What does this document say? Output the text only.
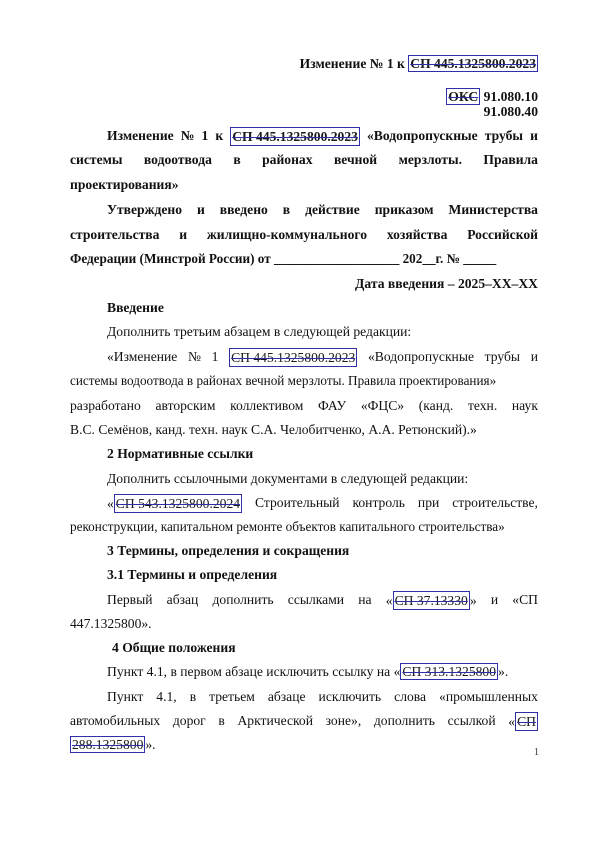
Изменение № 1 к СП 445.1325800.2023
ОКС 91.080.10
91.080.40
Изменение № 1 к СП 445.1325800.2023 «Водопропускные трубы и
системы водоотвода в районах вечной мерзлоты. Правила
проектирования»
Утверждено и введено в действие приказом Министерства
строительства и жилищно-коммунального хозяйства Российской
Федерации (Минстрой России) от ___________________ 202__г. № _____
Дата введения – 2025–ХХ–ХХ
Введение
Дополнить третьим абзацем в следующей редакции:
«Изменение № 1 СП 445.1325800.2023 «Водопропускные трубы и
системы водоотвода в районах вечной мерзлоты. Правила проектирования»
разработано авторским коллективом ФАУ «ФЦС» (канд. техн. наук
В.С. Семёнов, канд. техн. наук С.А. Челобитченко, А.А. Ретюнский).»
2 Нормативные ссылки
Дополнить ссылочными документами в следующей редакции:
« СП 543.1325800.2024 Строительный контроль при строительстве,
реконструкции, капитальном ремонте объектов капитального строительства»
3 Термины, определения и сокращения
3.1 Термины и определения
Первый абзац дополнить ссылками на « СП 37.13330 » и «СП
447.1325800».
4 Общие положения
Пункт 4.1, в первом абзаце исключить ссылку на « СП 313.1325800 ».
Пункт 4.1, в третьем абзаце исключить слова «промышленных
автомобильных дорог в Арктической зоне», дополнить ссылкой « СП
288.1325800 ».
1
